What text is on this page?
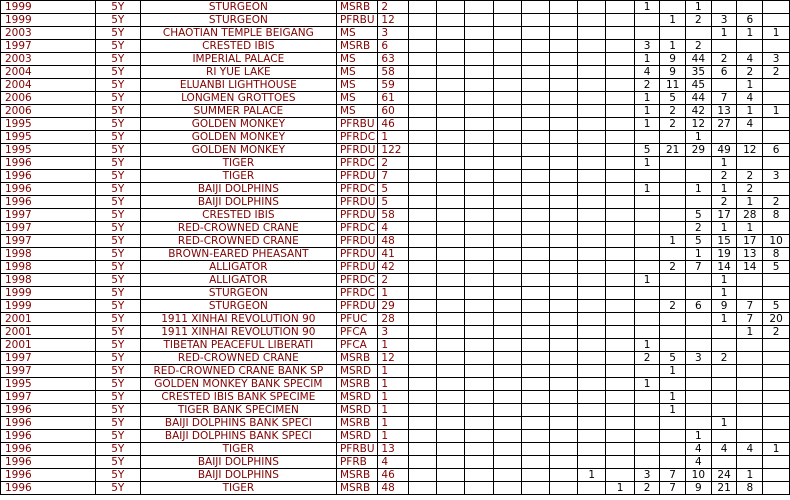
1999	5Y	STURGEON	MSRB	2									1		1			
1999	5Y	STURGEON	PFRBU	12										1	2	3	6	
2003	5Y	CHAOTIAN TEMPLE BEIGANG	MS	3												1	1	1
1997	5Y	CRESTED IBIS	MSRB	6									3	1	2			
2003	5Y	IMPERIAL PALACE	MS	63									1	9	44	2	4	3
2004	5Y	RI YUE LAKE	MS	58									4	9	35	6	2	2
2004	5Y	ELUANBI LIGHTHOUSE	MS	59									2	11	45		1	
2006	5Y	LONGMEN GROTTOES	MS	61									1	5	44	7	4	
2006	5Y	SUMMER PALACE	MS	60									1	2	42	13	1	1
1995	5Y	GOLDEN MONKEY	PFRBU	46									1	2	12	27	4	
1995	5Y	GOLDEN MONKEY	PFRDC	1											1			
1995	5Y	GOLDEN MONKEY	PFRDU	122									5	21	29	49	12	6
1996	5Y	TIGER	PFRDC	2									1			1		
1996	5Y	TIGER	PFRDU	7												2	2	3
1996	5Y	BAIJI DOLPHINS	PFRDC	5									1		1	1	2	
1996	5Y	BAIJI DOLPHINS	PFRDU	5												2	1	2
1997	5Y	CRESTED IBIS	PFRDU	58											5	17	28	8
1997	5Y	RED-CROWNED CRANE	PFRDC	4											2	1	1	
1997	5Y	RED-CROWNED CRANE	PFRDU	48										1	5	15	17	10
1998	5Y	BROWN-EARED PHEASANT	PFRDU	41											1	19	13	8
1998	5Y	ALLIGATOR	PFRDU	42										2	7	14	14	5
1998	5Y	ALLIGATOR	PFRDC	2									1			1		
1999	5Y	STURGEON	PFRDC	1												1		
1999	5Y	STURGEON	PFRDU	29										2	6	9	7	5
2001	5Y	1911 XINHAI REVOLUTION 90	PFUC	28												1	7	20
2001	5Y	1911 XINHAI REVOLUTION 90	PFCA	3													1	2
2001	5Y	TIBETAN PEACEFUL LIBERATI	PFCA	1									1					
1997	5Y	RED-CROWNED CRANE	MSRB	12									2	5	3	2		
1997	5Y	RED-CROWNED CRANE BANK SP	MSRD	1										1				
1995	5Y	GOLDEN MONKEY BANK SPECIM	MSRB	1									1					
1997	5Y	CRESTED IBIS BANK SPECIME	MSRD	1										1				
1996	5Y	TIGER BANK SPECIMEN	MSRD	1										1				
1996	5Y	BAIJI DOLPHINS BANK SPECI	MSRB	1												1		
1996	5Y	BAIJI DOLPHINS BANK SPECI	MSRD	1											1			
1996	5Y	TIGER	PFRBU	13											4	4	4	1
1996	5Y	BAIJI DOLPHINS	PFRB	4											4			
1996	5Y	BAIJI DOLPHINS	MSRB	46							1		3	7	10	24	1	
1996	5Y	TIGER	MSRB	48								1	2	7	9	21	8	
